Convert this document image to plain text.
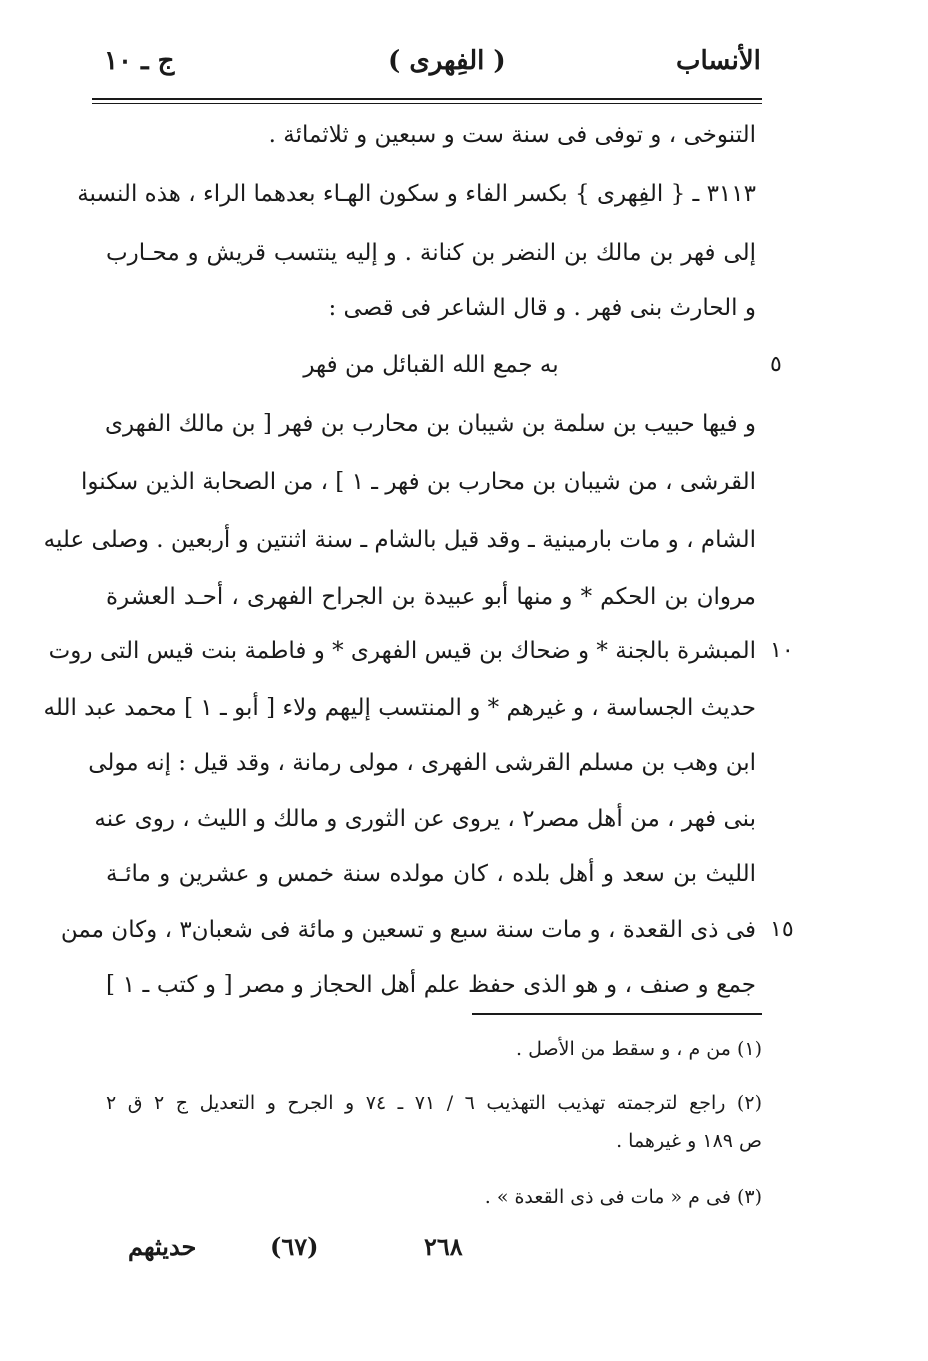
ج ـ ١٠	( الفِهرى )	الأنساب
التنوخى ، و توفى فى سنة ست و سبعين و ثلاثمائة .
٣١١٣ ـ { الفِهرى } بكسر الفاء و سكون الهـاء بعدهما الراء ، هذه النسبة
إلى فهر بن مالك بن النضر بن كنانة . و إليه ينتسب قريش و محـارب
و الحارث بنى فهر . و قال الشاعر فى قصى :
به جمع الله القبائل من فهر
و فيها حبيب بن سلمة بن شيبان بن محارب بن فهر [ بن مالك الفهرى
القرشى ، من شيبان بن محارب بن فهر ـ ١ ] ، من الصحابة الذين سكنوا
الشام ، و مات بارمينية ـ وقد قيل بالشام ـ سنة اثنتين و أربعين . وصلى عليه
مروان بن الحكم * و منها أبو عبيدة بن الجراح الفهرى ، أحـد العشرة
المبشرة بالجنة * و ضحاك بن قيس الفهرى * و فاطمة بنت قيس التى روت
حديث الجساسة ، و غيرهم * و المنتسب إليهم ولاء [ أبو ـ ١ ] محمد عبد الله
ابن وهب بن مسلم القرشى الفهرى ، مولى رمانة ، وقد قيل : إنه مولى
بنى فهر ، من أهل مصر٢ ، يروى عن الثورى و مالك و الليث ، روى عنه
الليث بن سعد و أهل بلده ، كان مولده سنة خمس و عشرين و مائـة
فى ذى القعدة ، و مات سنة سبع و تسعين و مائة فى شعبان٣ ، وكان ممن
جمع و صنف ، و هو الذى حفظ علم أهل الحجاز و مصر [ و كتب ـ ١ ]
٥
١٠
١٥
(١) من م ، و سقط من الأصل .
(٢) راجع لترجمته تهذيب التهذيب ٦ / ٧١ ـ ٧٤ و الجرح و التعديل ج ٢ ق ٢
ص ١٨٩ و غيرهما .
(٣) فى م « مات فى ذى القعدة » .
حديثهم	(٦٧)	٢٦٨
